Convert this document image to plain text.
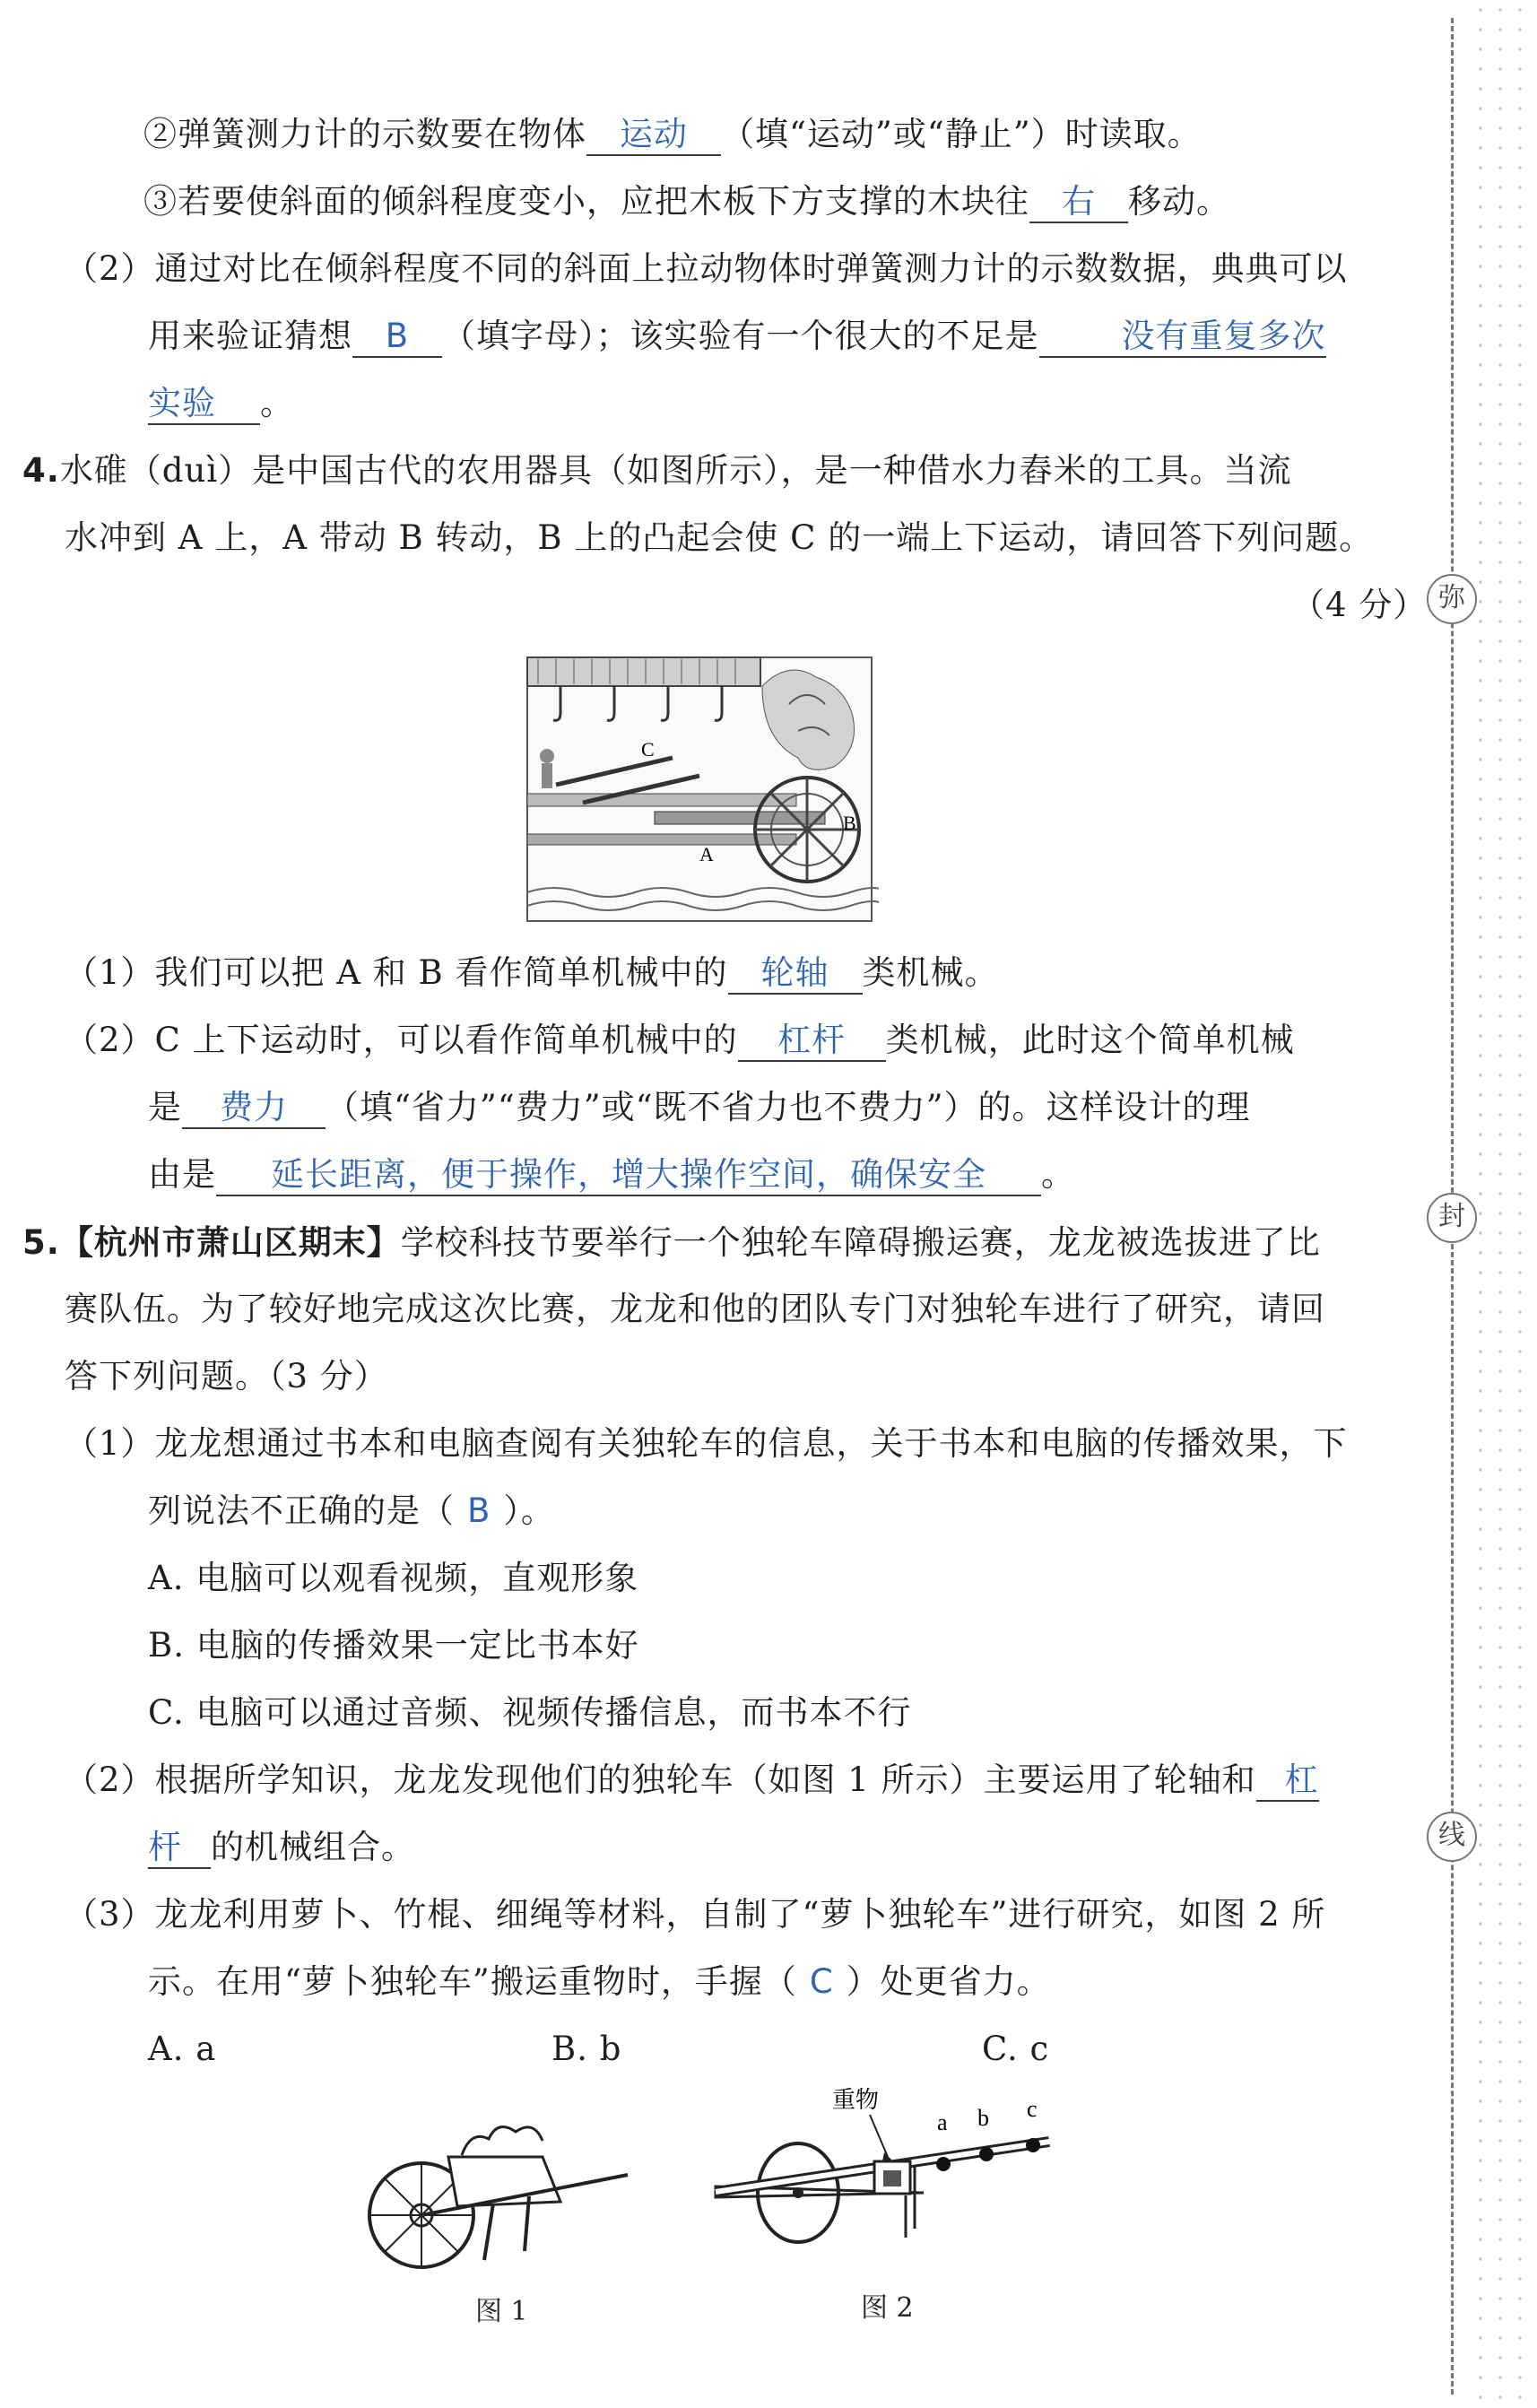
弥
封
线
②弹簧测力计的示数要在物体 运动 （填“运动”或“静止”）时读取。
③若要使斜面的倾斜程度变小，应把木板下方支撑的木块往 右 移动。
（2）通过对比在倾斜程度不同的斜面上拉动物体时弹簧测力计的示数数据，典典可以
用来验证猜想 B （填字母）；该实验有一个很大的不足是 没有重复多次
实验 。
4.水碓（duì）是中国古代的农用器具（如图所示），是一种借水力舂米的工具。当流
水冲到 A 上，A 带动 B 转动，B 上的凸起会使 C 的一端上下运动，请回答下列问题。
（4 分）
C
A
B
（1）我们可以把 A 和 B 看作简单机械中的 轮轴 类机械。
（2）C 上下运动时，可以看作简单机械中的 杠杆 类机械，此时这个简单机械
是 费力 （填“省力”“费力”或“既不省力也不费力”）的。这样设计的理
由是 延长距离，便于操作，增大操作空间，确保安全 。
5.【杭州市萧山区期末】学校科技节要举行一个独轮车障碍搬运赛，龙龙被选拔进了比
赛队伍。为了较好地完成这次比赛，龙龙和他的团队专门对独轮车进行了研究，请回
答下列问题。（3 分）
（1）龙龙想通过书本和电脑查阅有关独轮车的信息，关于书本和电脑的传播效果，下
列说法不正确的是（ B ）。
A. 电脑可以观看视频，直观形象
B. 电脑的传播效果一定比书本好
C. 电脑可以通过音频、视频传播信息，而书本不行
（2）根据所学知识，龙龙发现他们的独轮车（如图 1 所示）主要运用了轮轴和 杠
杆 的机械组合。
（3）龙龙利用萝卜、竹棍、细绳等材料，自制了“萝卜独轮车”进行研究，如图 2 所
示。在用“萝卜独轮车”搬运重物时，手握（ C ）处更省力。
A. a	B. b	C. c
图 1
重物
a b c
图 2
